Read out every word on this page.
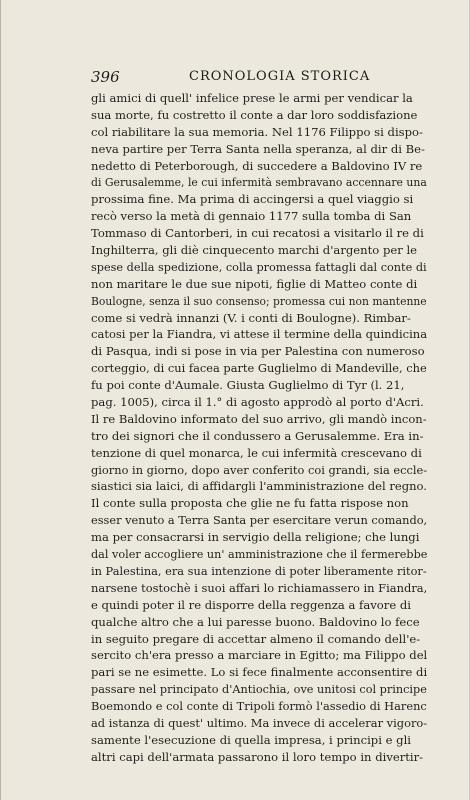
396	CRONOLOGIA STORICA
gli amici di quell' infelice prese le armi per vendicar la
sua morte, fu costretto il conte a dar loro soddisfazione
col riabilitare la sua memoria. Nel 1176 Filippo si dispo-
neva partire per Terra Santa nella speranza, al dir di Be-
nedetto di Peterborough, di succedere a Baldovino IV re
di Gerusalemme, le cui infermità sembravano accennare una
prossima fine. Ma prima di accingersi a quel viaggio si
recò verso la metà di gennaio 1177 sulla tomba di San
Tommaso di Cantorberi, in cui recatosi a visitarlo il re di
Inghilterra, gli diè cinquecento marchi d'argento per le
spese della spedizione, colla promessa fattagli dal conte di
non maritare le due sue nipoti, figlie di Matteo conte di
Boulogne, senza il suo consenso; promessa cui non mantenne
come si vedrà innanzi (V. i conti di Boulogne). Rimbar-
catosi per la Fiandra, vi attese il termine della quindicina
di Pasqua, indi si pose in via per Palestina con numeroso
corteggio, di cui facea parte Guglielmo di Mandeville, che
fu poi conte d'Aumale. Giusta Guglielmo di Tyr (l. 21,
pag. 1005), circa il 1.° di agosto approdò al porto d'Acri.
Il re Baldovino informato del suo arrivo, gli mandò incon-
tro dei signori che il condussero a Gerusalemme. Era in-
tenzione di quel monarca, le cui infermità crescevano di
giorno in giorno, dopo aver conferito coi grandi, sia eccle-
siastici sia laici, di affidargli l'amministrazione del regno.
Il conte sulla proposta che glie ne fu fatta rispose non
esser venuto a Terra Santa per esercitare verun comando,
ma per consacrarsi in servigio della religione; che lungi
dal voler accogliere un' amministrazione che il fermerebbe
in Palestina, era sua intenzione di poter liberamente ritor-
narsene tostochè i suoi affari lo richiamassero in Fiandra,
e quindi poter il re disporre della reggenza a favore di
qualche altro che a lui paresse buono. Baldovino lo fece
in seguito pregare di accettar almeno il comando dell'e-
sercito ch'era presso a marciare in Egitto; ma Filippo del
pari se ne esimette. Lo si fece finalmente acconsentire di
passare nel principato d'Antiochia, ove unitosi col principe
Boemondo e col conte di Tripoli formò l'assedio di Harenc
ad istanza di quest' ultimo. Ma invece di accelerar vigoro-
samente l'esecuzione di quella impresa, i principi e gli
altri capi dell'armata passarono il loro tempo in divertir-
